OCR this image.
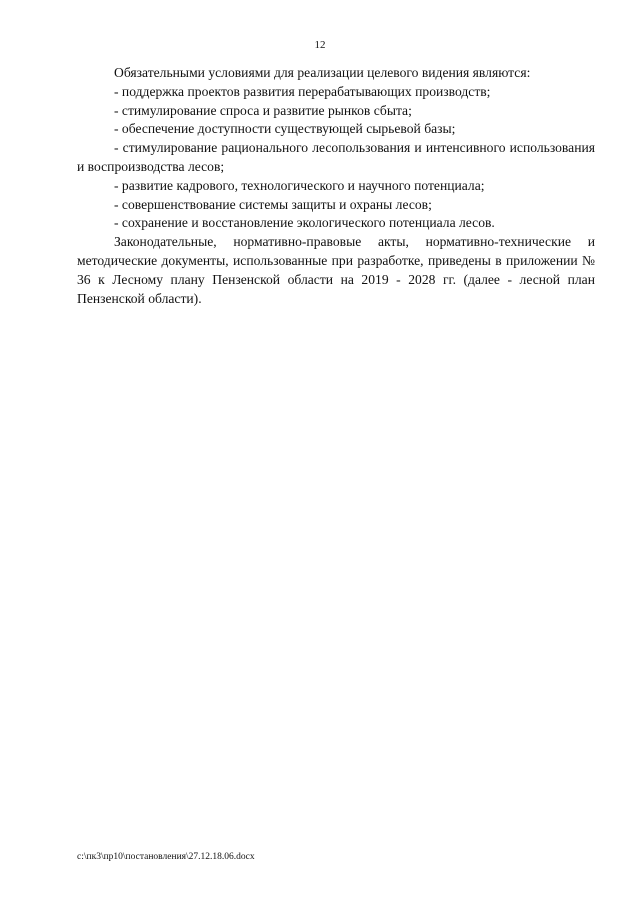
12

Обязательными условиями для реализации целевого видения являются:

- поддержка проектов развития перерабатывающих производств;

- стимулирование спроса и развитие рынков сбыта;

- обеспечение доступности существующей сырьевой базы;

- стимулирование рационального лесопользования и интенсивного использования и воспроизводства лесов;

- развитие кадрового, технологического и научного потенциала;

- совершенствование системы защиты и охраны лесов;

- сохранение и восстановление экологического потенциала лесов.

Законодательные, нормативно-правовые акты, нормативно-технические и методические документы, использованные при разработке, приведены в приложении № 36 к Лесному плану Пензенской области на 2019 - 2028 гг. (далее - лесной план Пензенской области).

c:\пк3\пр10\постановления\27.12.18.06.docx
